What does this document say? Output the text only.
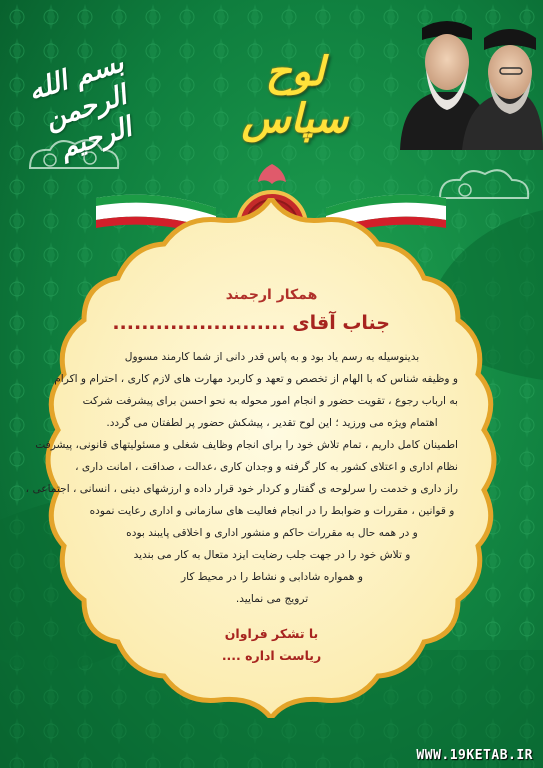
بسم الله الرحمن الرحیم
لوح سپاس
همکار ارجمند
جناب آقای ........................
بدینوسیله به رسم یاد بود و به پاس قدر دانی از شما کارمند مسوول
و وظیفه شناس که با الهام از تخصص و تعهد و کاربرد مهارت های لازم کاری ، احترام و اکرام
به ارباب رجوع ، تقویت حضور و انجام امور محوله به نحو احسن برای پیشرفت شرکت
اهتمام ویژه می ورزید ؛ این لوح تقدیر ، پیشکش حضور پر لطفتان می گردد.
اطمینان کامل داریم ، تمام تلاش خود را برای انجام وظایف شغلی و مسئولیتهای قانونی، پیشرفت
نظام اداری و اعتلای کشور به کار گرفته و وجدان کاری ،عدالت ، صداقت ، امانت داری ،
راز داری و خدمت را سرلوحه ی گفتار و کردار خود قرار داده و ارزشهای دینی ، انسانی ، اجتماعی ،
و قوانین ، مقررات و ضوابط را در انجام فعالیت های سازمانی و اداری رعایت نموده
و در همه حال به مقررات حاکم و منشور اداری و اخلاقی پایبند بوده
و تلاش خود را در جهت جلب رضایت ایزد متعال به کار می بندید
و همواره شادابی و نشاط را در محیط کار
ترویج می نمایید.
با تشکر فراوان
ریاست اداره ....
WWW.19KETAB.IR
